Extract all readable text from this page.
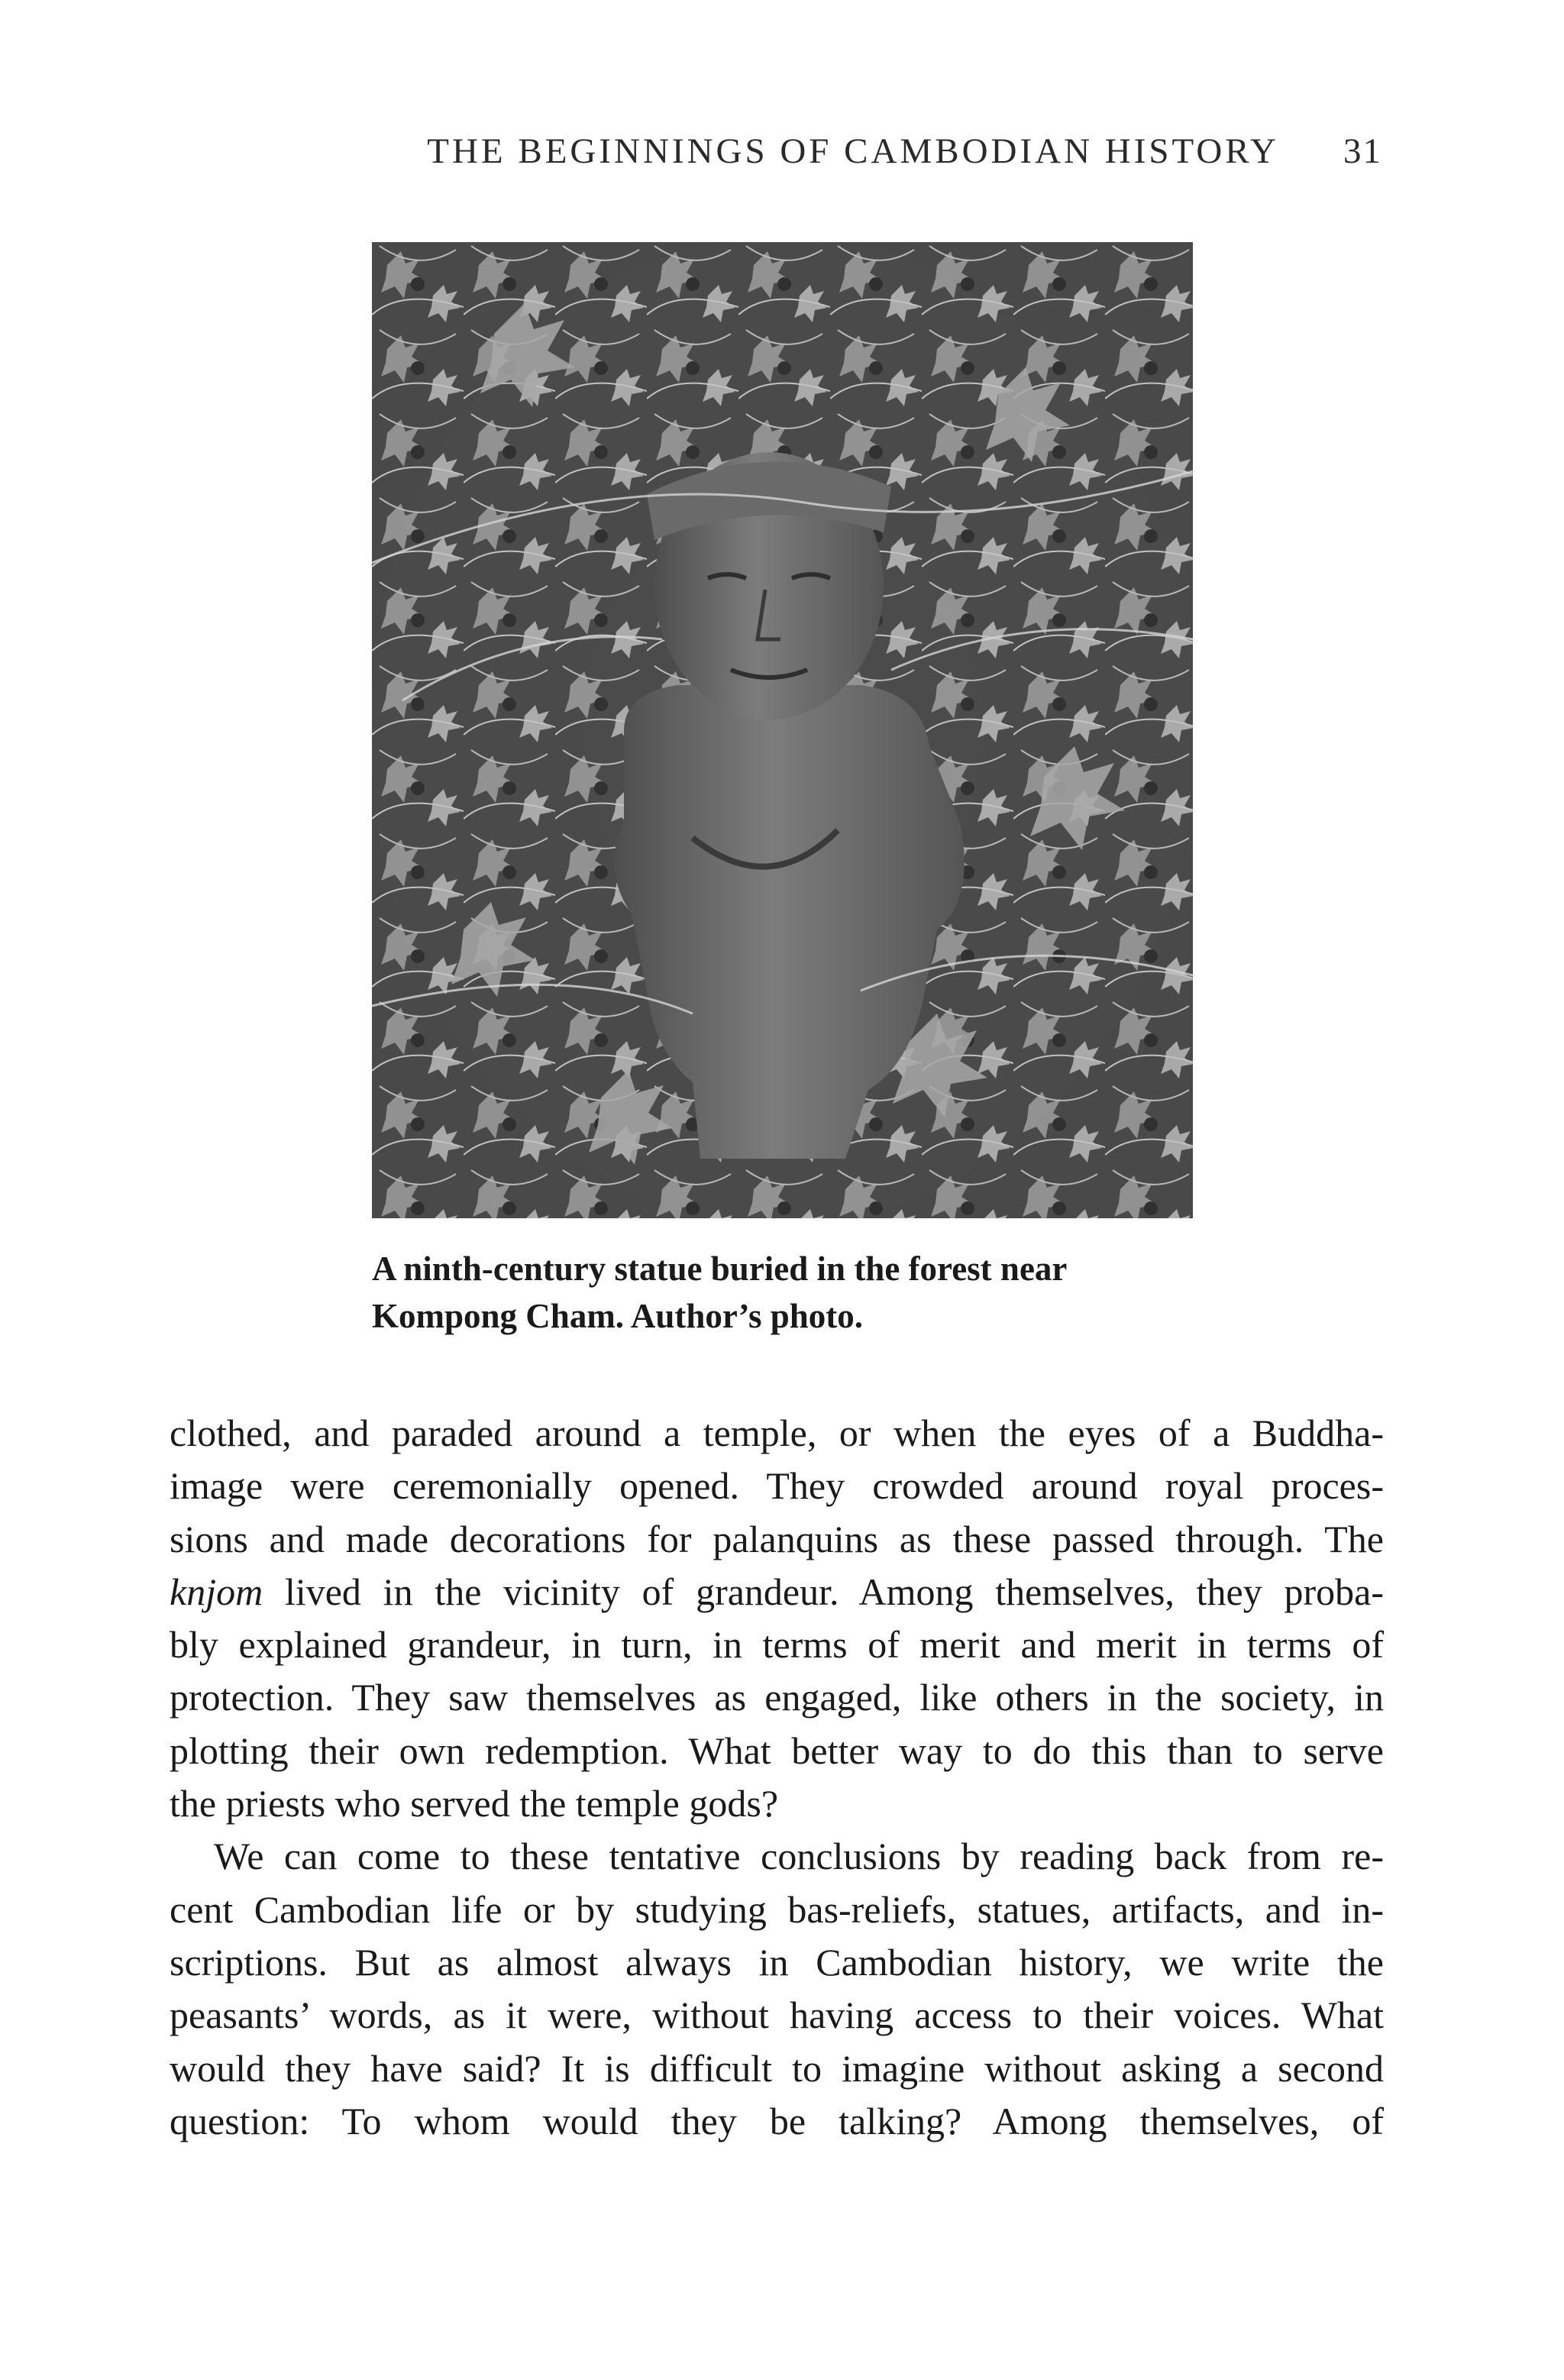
THE BEGINNINGS OF CAMBODIAN HISTORY 31
A ninth-century statue buried in the forest near
Kompong Cham. Author’s photo.
clothed, and paraded around a temple, or when the eyes of a Buddha-
image were ceremonially opened. They crowded around royal proces-
sions and made decorations for palanquins as these passed through. The
knjom lived in the vicinity of grandeur. Among themselves, they proba-
bly explained grandeur, in turn, in terms of merit and merit in terms of
protection. They saw themselves as engaged, like others in the society, in
plotting their own redemption. What better way to do this than to serve
the priests who served the temple gods?
We can come to these tentative conclusions by reading back from re-
cent Cambodian life or by studying bas-reliefs, statues, artifacts, and in-
scriptions. But as almost always in Cambodian history, we write the
peasants’ words, as it were, without having access to their voices. What
would they have said? It is difficult to imagine without asking a second
question: To whom would they be talking? Among themselves, of
